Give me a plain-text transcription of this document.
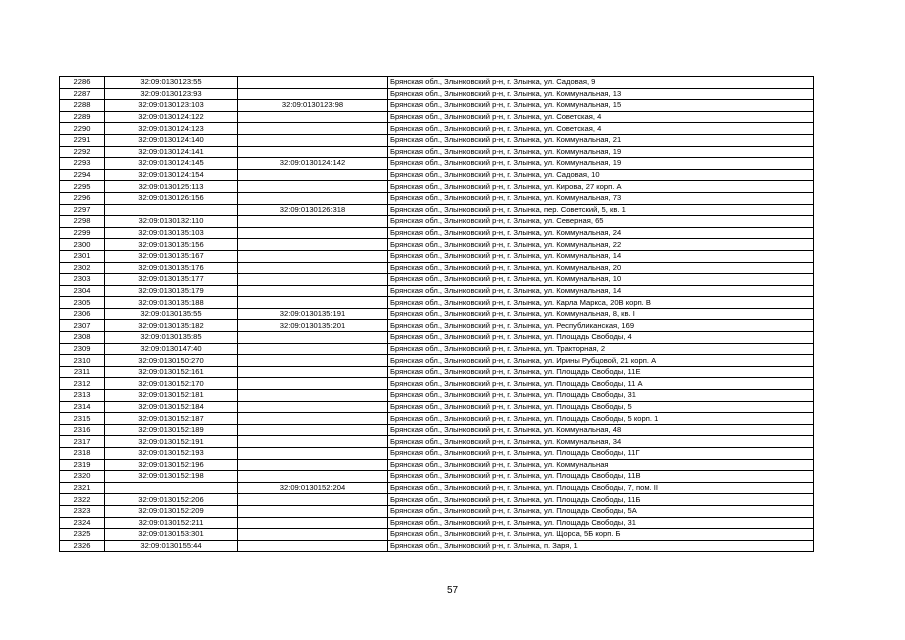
2286	32:09:0130123:55		Брянская обл., Злынковский р-н, г. Злынка, ул. Садовая, 9
2287	32:09:0130123:93		Брянская обл., Злынковский р-н, г. Злынка, ул. Коммунальная, 13
2288	32:09:0130123:103	32:09:0130123:98	Брянская обл., Злынковский р-н, г. Злынка, ул. Коммунальная, 15
2289	32:09:0130124:122		Брянская обл., Злынковский р-н, г. Злынка, ул. Советская, 4
2290	32:09:0130124:123		Брянская обл., Злынковский р-н, г. Злынка, ул. Советская, 4
2291	32:09:0130124:140		Брянская обл., Злынковский р-н, г. Злынка, ул. Коммунальная, 21
2292	32:09:0130124:141		Брянская обл., Злынковский р-н, г. Злынка, ул. Коммунальная, 19
2293	32:09:0130124:145	32:09:0130124:142	Брянская обл., Злынковский р-н, г. Злынка, ул. Коммунальная, 19
2294	32:09:0130124:154		Брянская обл., Злынковский р-н, г. Злынка, ул. Садовая, 10
2295	32:09:0130125:113		Брянская обл., Злынковский р-н, г. Злынка, ул. Кирова, 27 корп. А
2296	32:09:0130126:156		Брянская обл., Злынковский р-н, г. Злынка, ул. Коммунальная, 73
2297		32:09:0130126:318	Брянская обл., Злынковский р-н, г. Злынка, пер. Советский, 5, кв. 1
2298	32:09:0130132:110		Брянская обл., Злынковский р-н, г. Злынка, ул. Северная, 65
2299	32:09:0130135:103		Брянская обл., Злынковский р-н, г. Злынка, ул. Коммунальная, 24
2300	32:09:0130135:156		Брянская обл., Злынковский р-н, г. Злынка, ул. Коммунальная, 22
2301	32:09:0130135:167		Брянская обл., Злынковский р-н, г. Злынка, ул. Коммунальная, 14
2302	32:09:0130135:176		Брянская обл., Злынковский р-н, г. Злынка, ул. Коммунальная, 20
2303	32:09:0130135:177		Брянская обл., Злынковский р-н, г. Злынка, ул. Коммунальная, 10
2304	32:09:0130135:179		Брянская обл., Злынковский р-н, г. Злынка, ул. Коммунальная, 14
2305	32:09:0130135:188		Брянская обл., Злынковский р-н, г. Злынка, ул. Карла Маркса, 20В корп. В
2306	32:09:0130135:55	32:09:0130135:191	Брянская обл., Злынковский р-н, г. Злынка, ул. Коммунальная, 8, кв. I
2307	32:09:0130135:182	32:09:0130135:201	Брянская обл., Злынковский р-н, г. Злынка, ул. Республиканская, 169
2308	32:09:0130135:85		Брянская обл., Злынковский р-н, г. Злынка, ул. Площадь Свободы, 4
2309	32:09:0130147:40		Брянская обл., Злынковский р-н, г. Злынка, ул. Тракторная, 2
2310	32:09:0130150:270		Брянская обл., Злынковский р-н, г. Злынка, ул. Ирины Рубцовой, 21 корп. А
2311	32:09:0130152:161		Брянская обл., Злынковский р-н, г. Злынка, ул. Площадь Свободы, 11Е
2312	32:09:0130152:170		Брянская обл., Злынковский р-н, г. Злынка, ул. Площадь Свободы, 11 А
2313	32:09:0130152:181		Брянская обл., Злынковский р-н, г. Злынка, ул. Площадь Свободы, 31
2314	32:09:0130152:184		Брянская обл., Злынковский р-н, г. Злынка, ул. Площадь Свободы, 5
2315	32:09:0130152:187		Брянская обл., Злынковский р-н, г. Злынка, ул. Площадь Свободы, 5 корп. 1
2316	32:09:0130152:189		Брянская обл., Злынковский р-н, г. Злынка, ул. Коммунальная, 48
2317	32:09:0130152:191		Брянская обл., Злынковский р-н, г. Злынка, ул. Коммунальная, 34
2318	32:09:0130152:193		Брянская обл., Злынковский р-н, г. Злынка, ул. Площадь Свободы, 11Г
2319	32:09:0130152:196		Брянская обл., Злынковский р-н, г. Злынка, ул. Коммунальная
2320	32:09:0130152:198		Брянская обл., Злынковский р-н, г. Злынка, ул. Площадь Свободы, 11В
2321		32:09:0130152:204	Брянская обл., Злынковский р-н, г. Злынка, ул. Площадь Свободы, 7, пом. II
2322	32:09:0130152:206		Брянская обл., Злынковский р-н, г. Злынка, ул. Площадь Свободы, 11Б
2323	32:09:0130152:209		Брянская обл., Злынковский р-н, г. Злынка, ул. Площадь Свободы, 5А
2324	32:09:0130152:211		Брянская обл., Злынковский р-н, г. Злынка, ул. Площадь Свободы, 31
2325	32:09:0130153:301		Брянская обл., Злынковский р-н, г. Злынка, ул. Щорса, 5Б корп. Б
2326	32:09:0130155:44		Брянская обл., Злынковский р-н, г. Злынка, п. Заря, 1
57
